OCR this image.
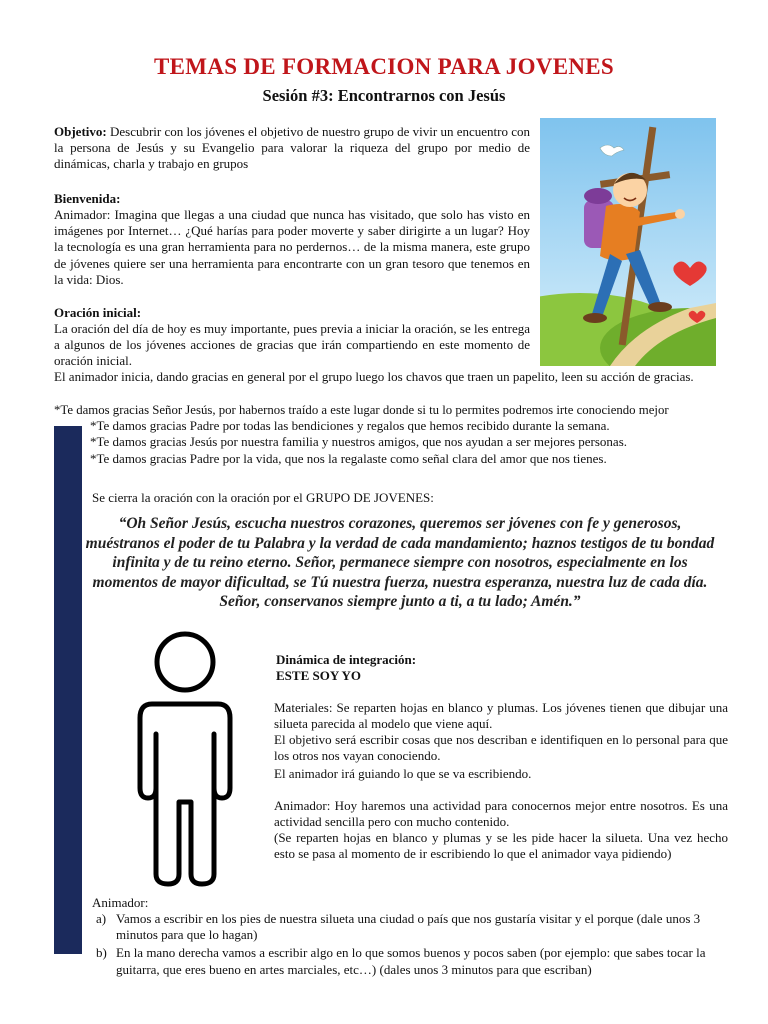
TEMAS DE FORMACION PARA JOVENES
Sesión #3: Encontrarnos con Jesús
Objetivo: Descubrir con los jóvenes el objetivo de nuestro grupo de vivir un encuentro con la persona de Jesús y su Evangelio para valorar la riqueza del grupo por medio de dinámicas, charla y trabajo en grupos
Bienvenida:
Animador: Imagina que llegas a una ciudad que nunca has visitado, que solo has visto en imágenes por Internet… ¿Qué harías para poder moverte y saber dirigirte a un lugar? Hoy la tecnología es una gran herramienta para no perdernos… de la misma manera, este grupo de jóvenes quiere ser una herramienta para encontrarte con un gran tesoro que tenemos en la vida: Dios.
Oración inicial:
La oración del día de hoy es muy importante, pues previa a iniciar la oración, se les entrega a algunos de los jóvenes acciones de gracias que irán compartiendo en este momento de oración inicial.
El animador inicia, dando gracias en general por el grupo luego los chavos que traen un papelito, leen su acción de gracias.
*Te damos gracias Señor Jesús, por habernos traído a este lugar donde si tu lo permites podremos irte conociendo mejor
*Te damos gracias Padre por todas las bendiciones y regalos que hemos recibido durante la semana.
*Te damos gracias Jesús por nuestra familia y nuestros amigos, que nos ayudan a ser mejores personas.
*Te damos gracias Padre por la vida, que nos la regalaste como señal clara del amor que nos tienes.
Se cierra la oración con la oración por el GRUPO DE JOVENES:
“Oh Señor Jesús, escucha nuestros corazones, queremos ser jóvenes con fe y generosos, muéstranos el poder de tu Palabra y la verdad de cada mandamiento; haznos testigos de tu bondad infinita y de tu reino eterno. Señor, permanece siempre con nosotros, especialmente en los momentos de mayor dificultad, se Tú nuestra fuerza, nuestra esperanza, nuestra luz de cada día. Señor, conservanos siempre junto a ti, a tu lado; Amén.”
Dinámica de integración:
ESTE SOY YO
Materiales: Se reparten hojas en blanco y plumas. Los jóvenes tienen que dibujar una silueta parecida al modelo que viene aquí.
El objetivo será escribir cosas que nos describan e identifiquen en lo personal para que los otros nos vayan conociendo.
El animador irá guiando lo que se va escribiendo.
Animador: Hoy haremos una actividad para conocernos mejor entre nosotros. Es una actividad sencilla pero con mucho contenido.
(Se reparten hojas en blanco y plumas y se les pide hacer la silueta. Una vez hecho esto se pasa al momento de ir escribiendo lo que el animador vaya pidiendo)
Animador:
a) Vamos a escribir en los pies de nuestra silueta una ciudad o país que nos gustaría visitar y el porque (dale unos 3 minutos para que lo hagan)
b) En la mano derecha vamos a escribir algo en lo que somos buenos y pocos saben (por ejemplo: que sabes tocar la guitarra, que eres bueno en artes marciales, etc…) (dales unos 3 minutos para que escriban)
